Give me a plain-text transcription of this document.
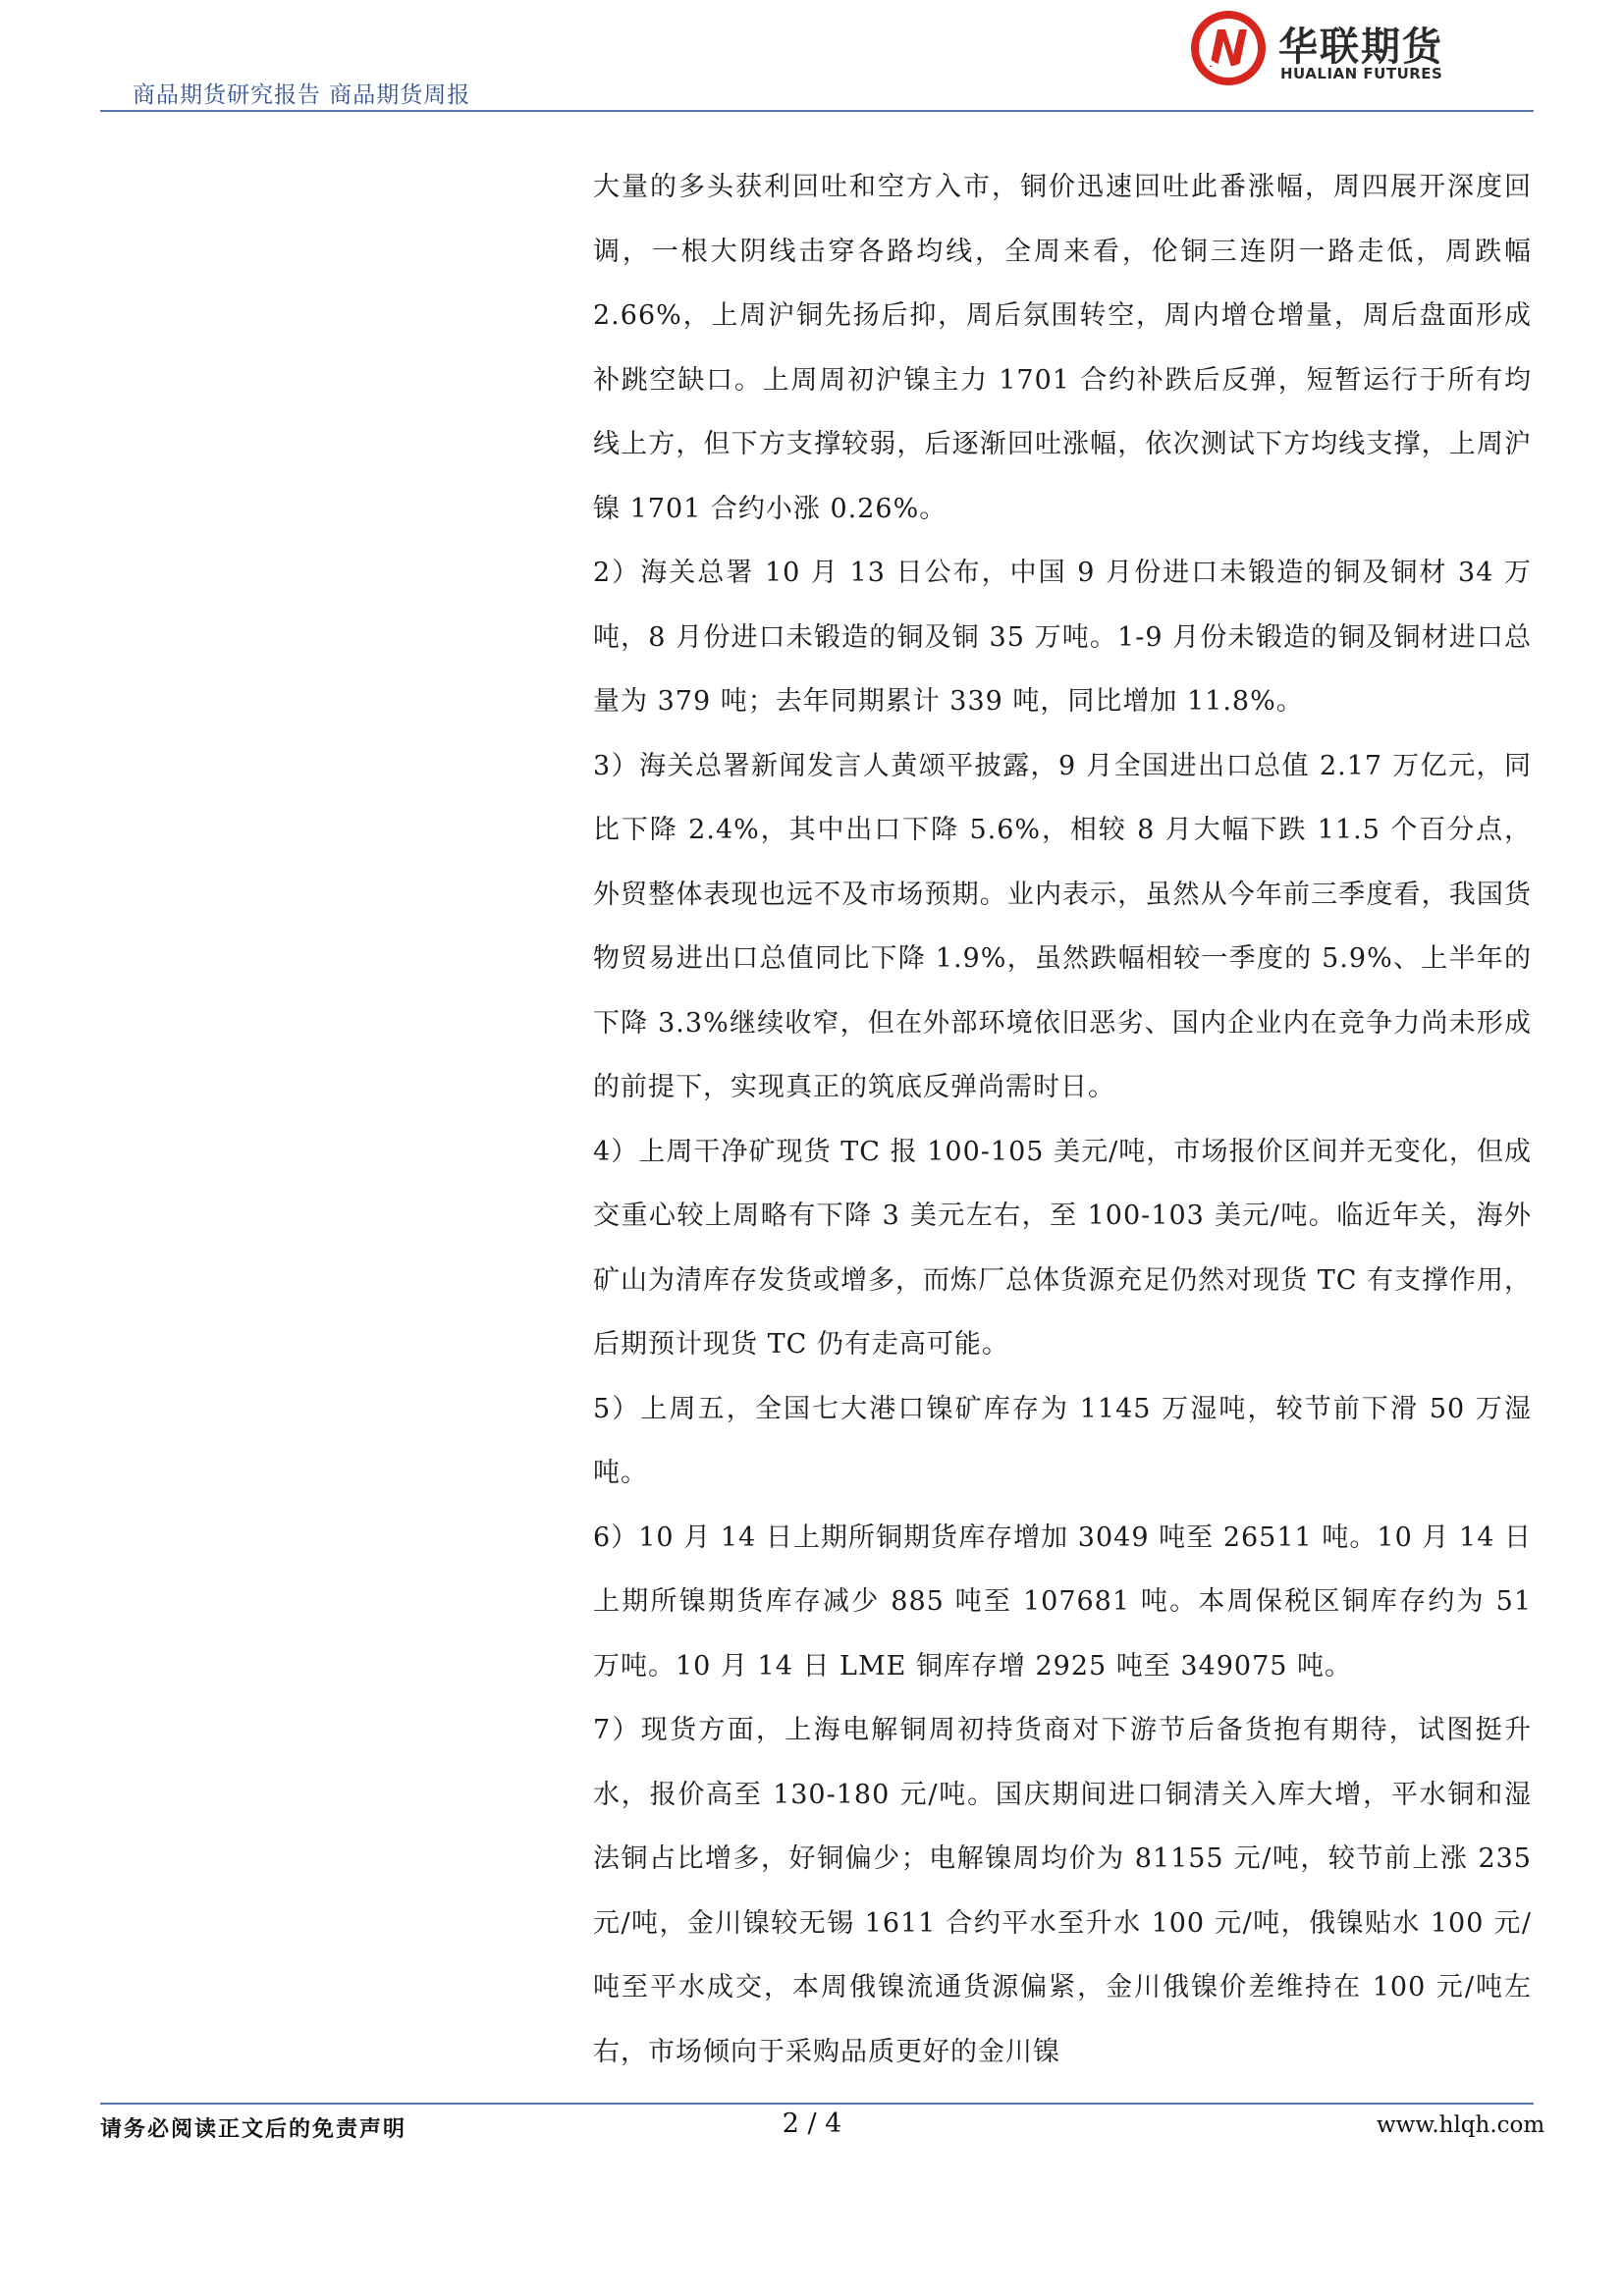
商品期货研究报告 商品期货周报
华联期货
HUALIAN FUTURES

大量的多头获利回吐和空方入市，铜价迅速回吐此番涨幅，周四展开深度回调，一根大阴线击穿各路均线，全周来看，伦铜三连阴一路走低，周跌幅 2.66%，上周沪铜先扬后抑，周后氛围转空，周内增仓增量，周后盘面形成补跳空缺口。上周周初沪镍主力 1701 合约补跌后反弹，短暂运行于所有均线上方，但下方支撑较弱，后逐渐回吐涨幅，依次测试下方均线支撑，上周沪镍 1701 合约小涨 0.26%。

2）海关总署 10 月 13 日公布，中国 9 月份进口未锻造的铜及铜材 34 万吨，8 月份进口未锻造的铜及铜 35 万吨。1-9 月份未锻造的铜及铜材进口总量为 379 吨；去年同期累计 339 吨，同比增加 11.8%。

3）海关总署新闻发言人黄颂平披露，9 月全国进出口总值 2.17 万亿元，同比下降 2.4%，其中出口下降 5.6%，相较 8 月大幅下跌 11.5 个百分点，外贸整体表现也远不及市场预期。业内表示，虽然从今年前三季度看，我国货物贸易进出口总值同比下降 1.9%，虽然跌幅相较一季度的 5.9%、上半年的下降 3.3%继续收窄，但在外部环境依旧恶劣、国内企业内在竞争力尚未形成的前提下，实现真正的筑底反弹尚需时日。

4）上周干净矿现货 TC 报 100-105 美元/吨，市场报价区间并无变化，但成交重心较上周略有下降 3 美元左右，至 100-103 美元/吨。临近年关，海外矿山为清库存发货或增多，而炼厂总体货源充足仍然对现货 TC 有支撑作用，后期预计现货 TC 仍有走高可能。

5）上周五，全国七大港口镍矿库存为 1145 万湿吨，较节前下滑 50 万湿吨。

6）10 月 14 日上期所铜期货库存增加 3049 吨至 26511 吨。10 月 14 日上期所镍期货库存减少 885 吨至 107681 吨。本周保税区铜库存约为 51 万吨。10 月 14 日 LME 铜库存增 2925 吨至 349075 吨。

7）现货方面，上海电解铜周初持货商对下游节后备货抱有期待，试图挺升水，报价高至 130-180 元/吨。国庆期间进口铜清关入库大增，平水铜和湿法铜占比增多，好铜偏少；电解镍周均价为 81155 元/吨，较节前上涨 235 元/吨，金川镍较无锡 1611 合约平水至升水 100 元/吨，俄镍贴水 100 元/吨至平水成交，本周俄镍流通货源偏紧，金川俄镍价差维持在 100 元/吨左右，市场倾向于采购品质更好的金川镍

请务必阅读正文后的免责声明	2 / 4	www.hlqh.com
